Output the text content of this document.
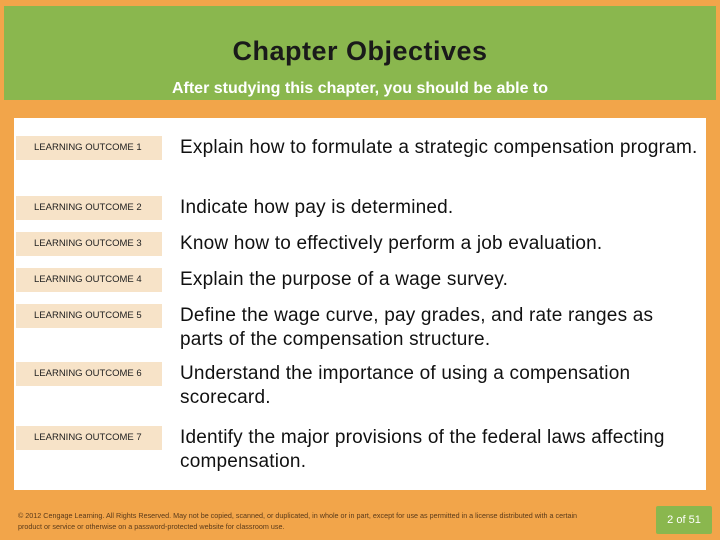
Chapter Objectives
After studying this chapter, you should be able to
LEARNING OUTCOME 1	Explain how to formulate a strategic compensation program.
LEARNING OUTCOME 2	Indicate how pay is determined.
LEARNING OUTCOME 3	Know how to effectively perform a job evaluation.
LEARNING OUTCOME 4	Explain the purpose of a wage survey.
LEARNING OUTCOME 5	Define the wage curve, pay grades, and rate ranges as parts of the compensation structure.
LEARNING OUTCOME 6	Understand the importance of using a compensation scorecard.
LEARNING OUTCOME 7	Identify the major provisions of the federal laws affecting compensation.
© 2012 Cengage Learning. All Rights Reserved. May not be copied, scanned, or duplicated, in whole or in part, except for use as permitted in a license distributed with a certain product or service or otherwise on a password-protected website for classroom use.
2 of 51
